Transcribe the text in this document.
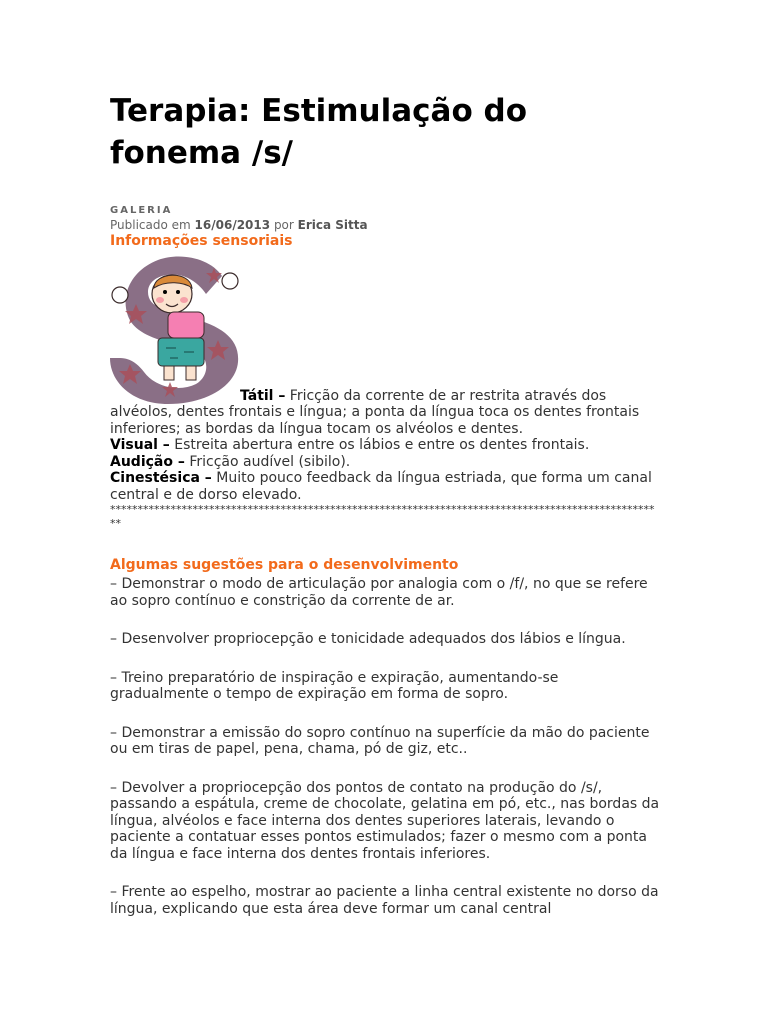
Terapia: Estimulação do
fonema /s/
GALERIA
Publicado em 16/06/2013 por Erica Sitta
Informações sensoriais
Tátil – Fricção da corrente de ar restrita através dos
alvéolos, dentes frontais e língua; a ponta da língua toca os dentes frontais inferiores; as bordas da língua tocam os alvéolos e dentes.
Visual – Estreita abertura entre os lábios e entre os dentes frontais.
Audição – Fricção audível (sibilo).
Cinestésica – Muito pouco feedback da língua estriada, que forma um canal central e de dorso elevado.
*****************************************************************************************************
Algumas sugestões para o desenvolvimento

– Demonstrar o modo de articulação por analogia com o /f/, no que se refere ao sopro contínuo e constrição da corrente de ar.

– Desenvolver propriocepção e tonicidade adequados dos lábios e língua.

– Treino preparatório de inspiração e expiração, aumentando-se gradualmente o tempo de expiração em forma de sopro.

– Demonstrar a emissão do sopro contínuo na superfície da mão do paciente ou em tiras de papel, pena, chama, pó de giz, etc..

– Devolver a propriocepção dos pontos de contato na produção do /s/, passando a espátula, creme de chocolate, gelatina em pó, etc., nas bordas da língua, alvéolos e face interna dos dentes superiores laterais, levando o paciente a contatuar esses pontos estimulados; fazer o mesmo com a ponta da língua e face interna dos dentes frontais inferiores.

– Frente ao espelho, mostrar ao paciente a linha central existente no dorso da língua, explicando que esta área deve formar um canal central
